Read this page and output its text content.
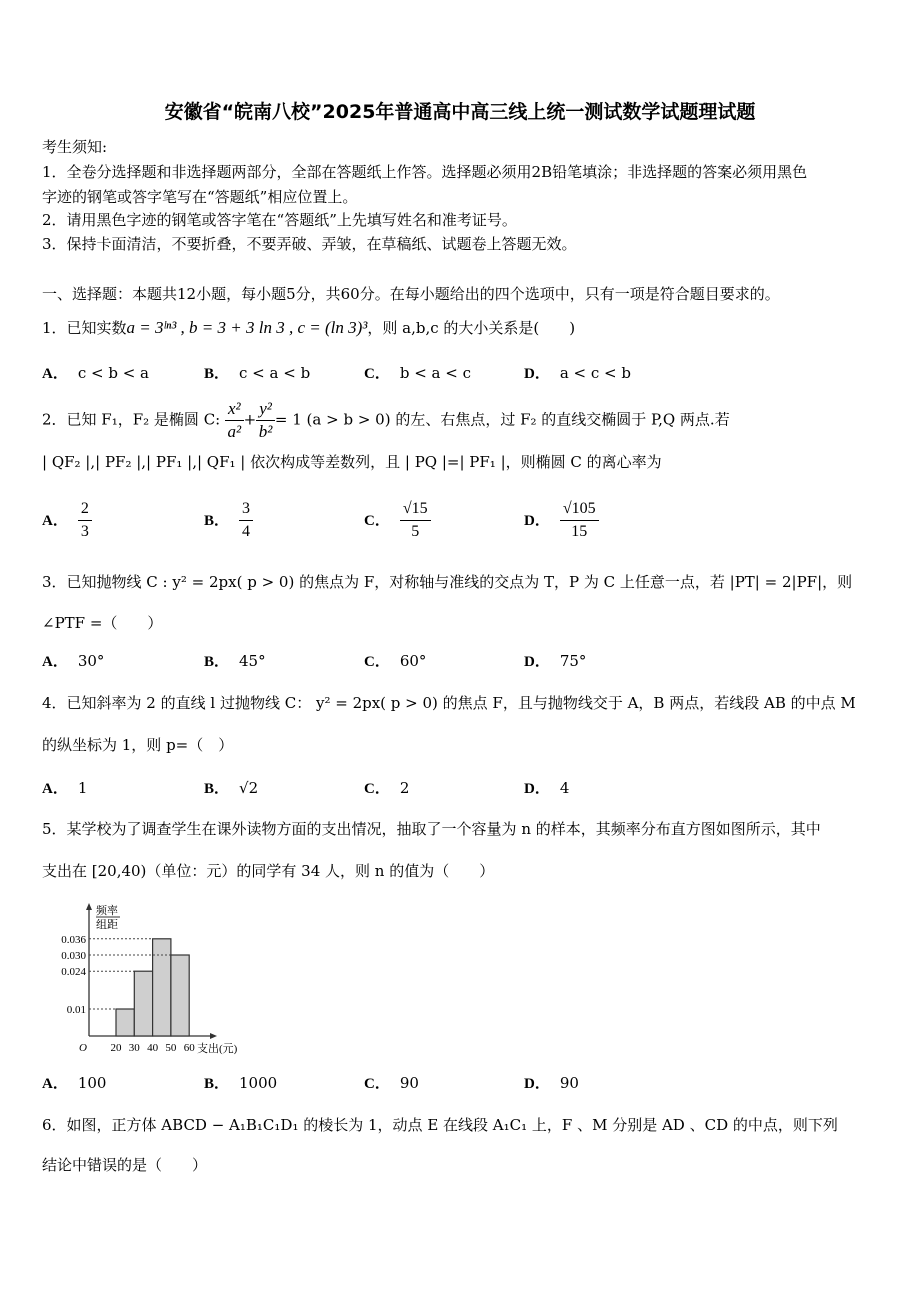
安徽省“皖南八校”2025年普通高中高三线上统一测试数学试题理试题
考生须知:
1．全卷分选择题和非选择题两部分，全部在答题纸上作答。选择题必须用2B铅笔填涂；非选择题的答案必须用黑色
字迹的钢笔或答字笔写在“答题纸”相应位置上。
2．请用黑色字迹的钢笔或答字笔在“答题纸”上先填写姓名和准考证号。
3．保持卡面清洁，不要折叠，不要弄破、弄皱，在草稿纸、试题卷上答题无效。
一、选择题：本题共12小题，每小题5分，共60分。在每小题给出的四个选项中，只有一项是符合题目要求的。
1．已知实数a = 3ˡⁿ³ , b = 3 + 3 ln 3 , c = (ln 3)³，则 a,b,c 的大小关系是(　　)
A． c < b < a	B． c < a < b	C． b < a < c	D． a < c < b
2．已知 F₁，F₂ 是椭圆 C: $\frac{\text{x²}}{\text{a²}} + \frac{\text{y²}}{\text{b²}} = 1$ (a > b > 0) 的左、右焦点，过 F₂ 的直线交椭圆于 P,Q 两点.若
| QF₂ |,| PF₂ |,| PF₁ |,| QF₁ | 依次构成等差数列，且 | PQ |=| PF₁ |，则椭圆 C 的离心率为
A． $\frac{2}{3}$	B． $\frac{3}{4}$	C． $\frac{√15}{5}$	D． $\frac{√105}{15}$
3．已知抛物线 C : y² = 2px( p > 0) 的焦点为 F，对称轴与准线的交点为 T，P 为 C 上任意一点，若 |PT| = 2|PF|，则
∠PTF =（　　）
A． 30°	B． 45°	C． 60°	D． 75°
4．已知斜率为 2 的直线 l 过抛物线 C： y² = 2px( p > 0) 的焦点 F，且与抛物线交于 A，B 两点，若线段 AB 的中点 M
的纵坐标为 1，则 p=（　）
A． 1	B． √2	C． 2	D． 4
5．某学校为了调查学生在课外读物方面的支出情况，抽取了一个容量为 n 的样本，其频率分布直方图如图所示，其中
支出在 [20,40)（单位：元）的同学有 34 人，则 n 的值为（　　）
0.036
0.030
0.024
0.01
20 30 40 50 60
O	支出(元)
频率
组距
A． 100	B． 1000	C． 90	D． 90
6．如图，正方体 ABCD − A₁B₁C₁D₁ 的棱长为 1，动点 E 在线段 A₁C₁ 上，F 、M 分别是 AD 、CD 的中点，则下列
结论中错误的是（　　）
